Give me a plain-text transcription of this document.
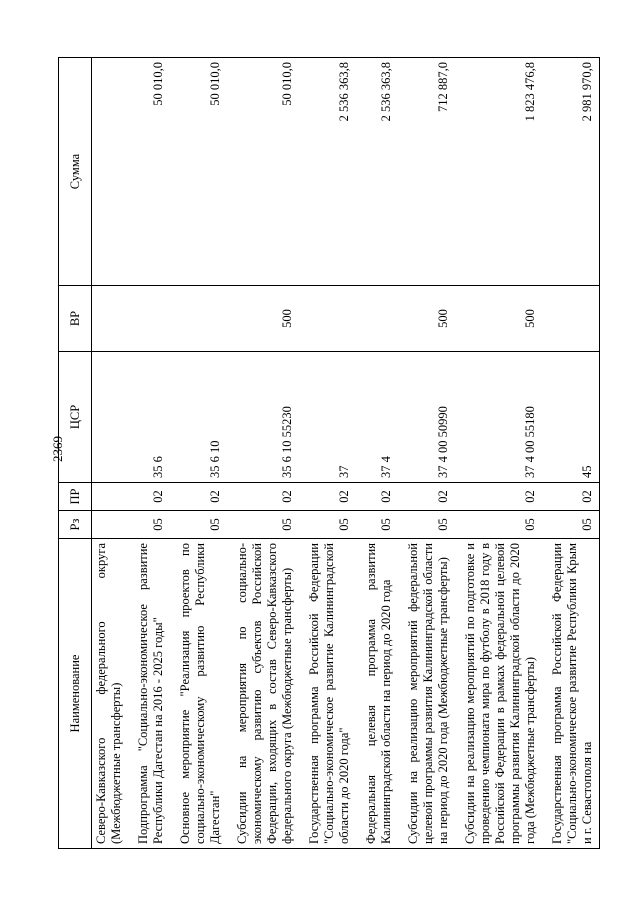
2369
Наименование	Рз	ПР	ЦСР	ВР	Сумма
Северо-Кавказского федерального округа (Межбюджетные трансферты)					

Подпрограмма "Социально-экономическое развитие Республики Дагестан на 2016 - 2025 годы"	05	02	35 6		50 010,0

Основное мероприятие "Реализация проектов по социально-экономическому развитию Республики Дагестан"	05	02	35 6 10		50 010,0

Субсидии на мероприятия по социально-экономическому развитию субъектов Российской Федерации, входящих в состав Северо-Кавказского федерального округа (Межбюджетные трансферты)	05	02	35 6 10 55230	500	50 010,0

Государственная программа Российской Федерации "Социально-экономическое развитие Калининградской области до 2020 года"	05	02	37		2 536 363,8

Федеральная целевая программа развития Калининградской области на период до 2020 года	05	02	37 4		2 536 363,8

Субсидии на реализацию мероприятий федеральной целевой программы развития Калининградской области на период до 2020 года (Межбюджетные трансферты)	05	02	37 4 00 50990	500	712 887,0

Субсидии на реализацию мероприятий по подготовке и проведению чемпионата мира по футболу в 2018 году в Российской Федерации в рамках федеральной целевой программы развития Калининградской области до 2020 года (Межбюджетные трансферты)	05	02	37 4 00 55180	500	1 823 476,8

Государственная программа Российской Федерации "Социально-экономическое развитие Республики Крым и г. Севастополя на	05	02	45		2 981 970,0
